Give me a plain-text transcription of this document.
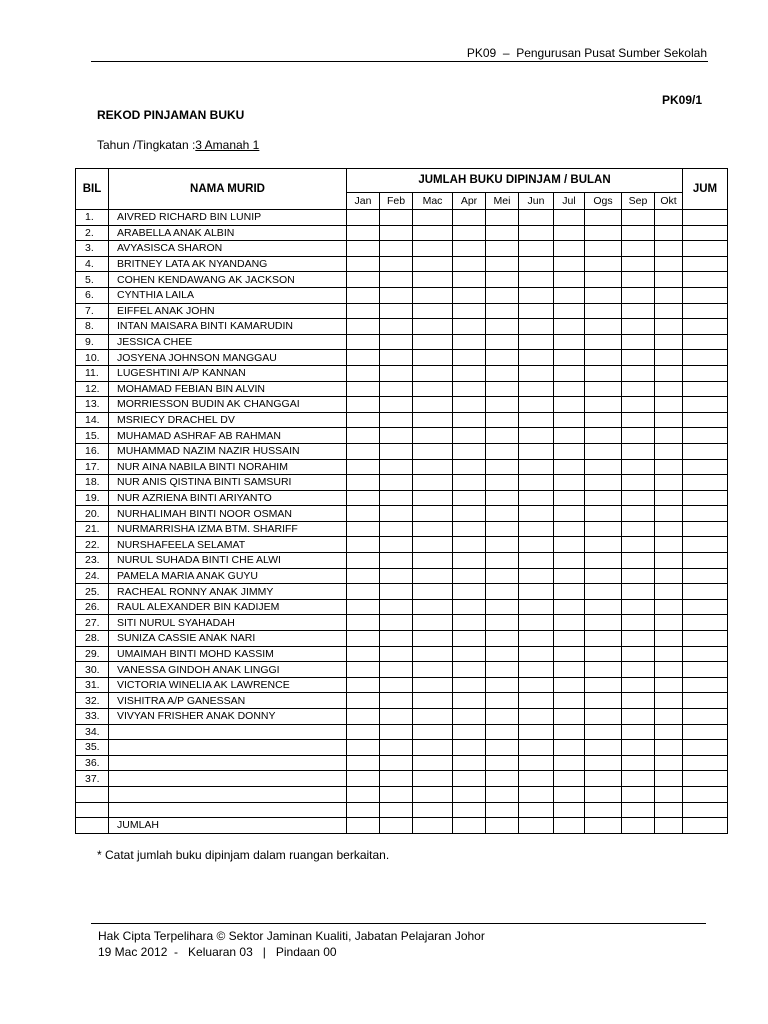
PK09  –  Pengurusan Pusat Sumber Sekolah
PK09/1
REKOD PINJAMAN BUKU
Tahun /Tingkatan :3 Amanah 1
BIL	NAMA MURID	JUMLAH BUKU DIPINJAM / BULAN										JUM
		Jan	Feb	Mac	Apr	Mei	Jun	Jul	Ogs	Sep	Okt	
1.	AIVRED RICHARD BIN LUNIP											
2.	ARABELLA ANAK ALBIN											
3.	AVYASISCA SHARON											
4.	BRITNEY LATA AK NYANDANG											
5.	COHEN KENDAWANG AK JACKSON											
6.	CYNTHIA LAILA											
7.	EIFFEL ANAK JOHN											
8.	INTAN MAISARA BINTI KAMARUDIN											
9.	JESSICA CHEE											
10.	JOSYENA JOHNSON MANGGAU											
11.	LUGESHTINI A/P KANNAN											
12.	MOHAMAD FEBIAN BIN ALVIN											
13.	MORRIESSON BUDIN AK CHANGGAI											
14.	MSRIECY DRACHEL DV											
15.	MUHAMAD ASHRAF AB RAHMAN											
16.	MUHAMMAD NAZIM NAZIR HUSSAIN											
17.	NUR AINA NABILA BINTI NORAHIM											
18.	NUR ANIS QISTINA BINTI SAMSURI											
19.	NUR AZRIENA BINTI ARIYANTO											
20.	NURHALIMAH BINTI NOOR OSMAN											
21.	NURMARRISHA IZMA BTM. SHARIFF											
22.	NURSHAFEELA SELAMAT											
23.	NURUL SUHADA BINTI CHE ALWI											
24.	PAMELA MARIA ANAK GUYU											
25.	RACHEAL RONNY ANAK JIMMY											
26.	RAUL ALEXANDER BIN KADIJEM											
27.	SITI NURUL SYAHADAH											
28.	SUNIZA CASSIE ANAK NARI											
29.	UMAIMAH BINTI MOHD KASSIM											
30.	VANESSA GINDOH ANAK LINGGI											
31.	VICTORIA WINELIA AK LAWRENCE											
32.	VISHITRA A/P GANESSAN											
33.	VIVYAN FRISHER ANAK DONNY											
34.												
35.												
36.												
37.												

	JUMLAH											
* Catat jumlah buku dipinjam dalam ruangan berkaitan.
Hak Cipta Terpelihara © Sektor Jaminan Kualiti, Jabatan Pelajaran Johor
19 Mac 2012  -   Keluaran 03   |   Pindaan 00
